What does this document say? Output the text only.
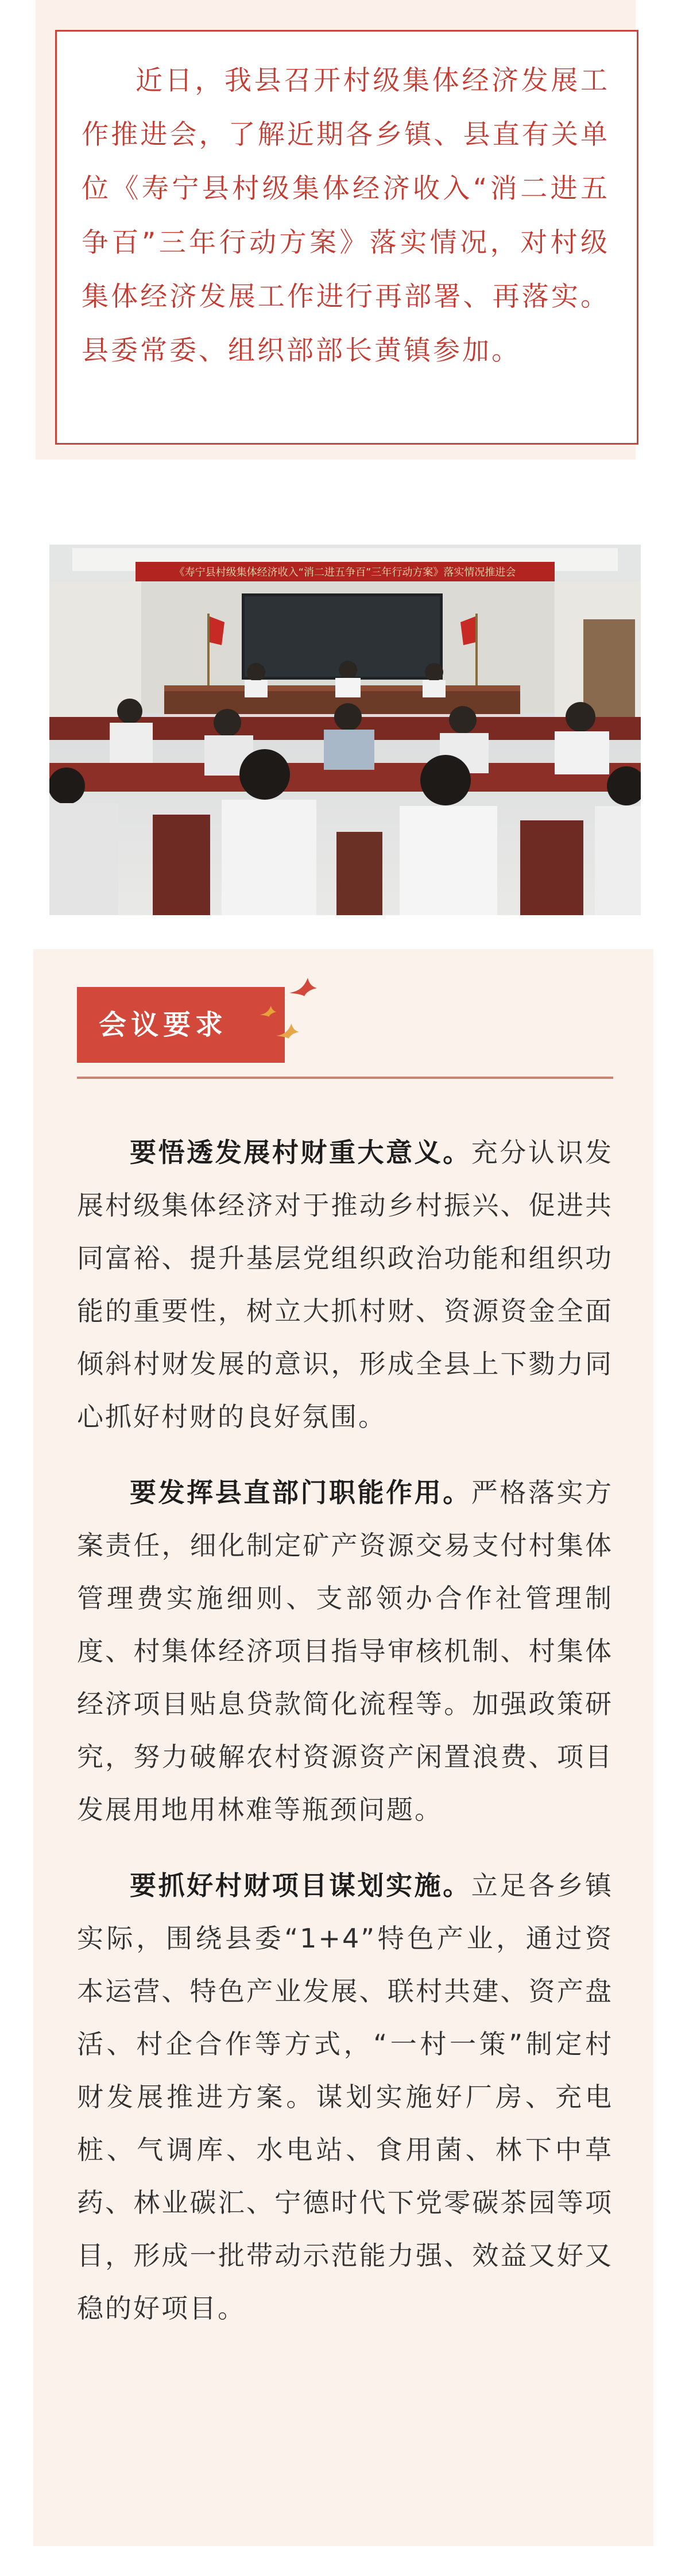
近日，我县召开村级集体经济发展工作推进会，了解近期各乡镇、县直有关单位《寿宁县村级集体经济收入“消二进五争百”三年行动方案》落实情况，对村级集体经济发展工作进行再部署、再落实。县委常委、组织部部长黄镇参加。

《寿宁县村级集体经济收入“消二进五争百”三年行动方案》落实情况推进会
会议要求

要悟透发展村财重大意义。充分认识发展村级集体经济对于推动乡村振兴、促进共同富裕、提升基层党组织政治功能和组织功能的重要性，树立大抓村财、资源资金全面倾斜村财发展的意识，形成全县上下勠力同心抓好村财的良好氛围。

要发挥县直部门职能作用。严格落实方案责任，细化制定矿产资源交易支付村集体管理费实施细则、支部领办合作社管理制度、村集体经济项目指导审核机制、村集体经济项目贴息贷款简化流程等。加强政策研究，努力破解农村资源资产闲置浪费、项目发展用地用林难等瓶颈问题。

要抓好村财项目谋划实施。立足各乡镇实际，围绕县委“1+4”特色产业，通过资本运营、特色产业发展、联村共建、资产盘活、村企合作等方式，“一村一策”制定村财发展推进方案。谋划实施好厂房、充电桩、气调库、水电站、食用菌、林下中草药、林业碳汇、宁德时代下党零碳茶园等项目，形成一批带动示范能力强、效益又好又稳的好项目。
